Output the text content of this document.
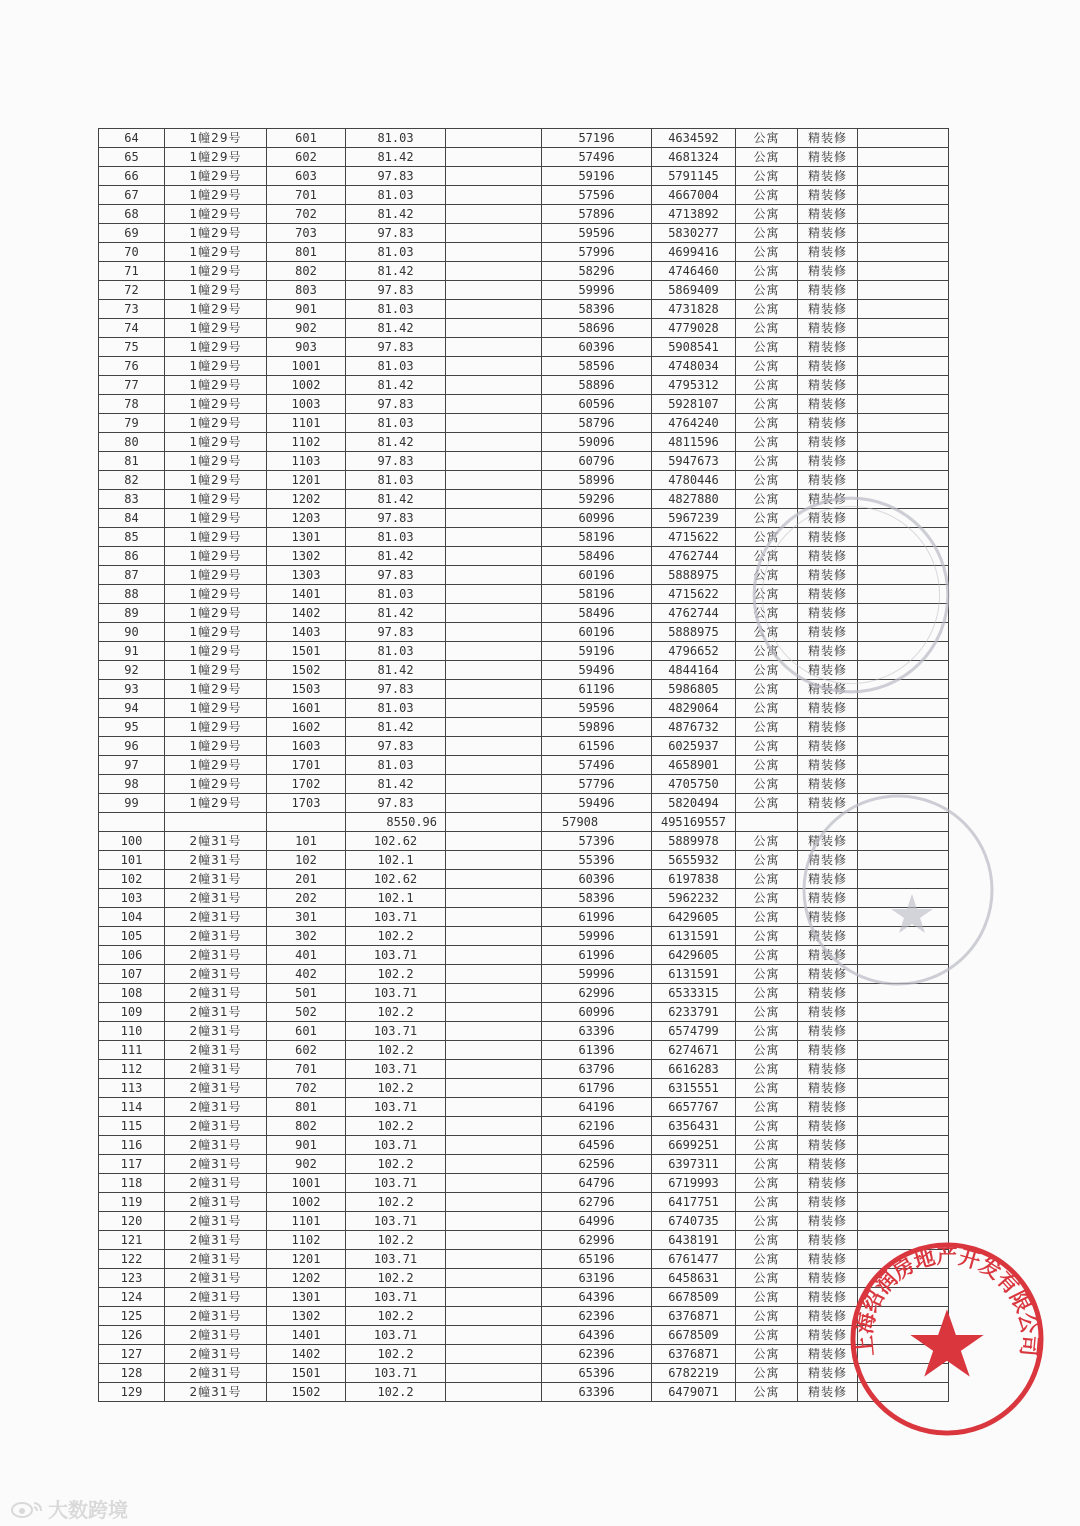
64	1幢29号	601	81.03		57196	4634592	公寓	精装修	
65	1幢29号	602	81.42		57496	4681324	公寓	精装修	
66	1幢29号	603	97.83		59196	5791145	公寓	精装修	
67	1幢29号	701	81.03		57596	4667004	公寓	精装修	
68	1幢29号	702	81.42		57896	4713892	公寓	精装修	
69	1幢29号	703	97.83		59596	5830277	公寓	精装修	
70	1幢29号	801	81.03		57996	4699416	公寓	精装修	
71	1幢29号	802	81.42		58296	4746460	公寓	精装修	
72	1幢29号	803	97.83		59996	5869409	公寓	精装修	
73	1幢29号	901	81.03		58396	4731828	公寓	精装修	
74	1幢29号	902	81.42		58696	4779028	公寓	精装修	
75	1幢29号	903	97.83		60396	5908541	公寓	精装修	
76	1幢29号	1001	81.03		58596	4748034	公寓	精装修	
77	1幢29号	1002	81.42		58896	4795312	公寓	精装修	
78	1幢29号	1003	97.83		60596	5928107	公寓	精装修	
79	1幢29号	1101	81.03		58796	4764240	公寓	精装修	
80	1幢29号	1102	81.42		59096	4811596	公寓	精装修	
81	1幢29号	1103	97.83		60796	5947673	公寓	精装修	
82	1幢29号	1201	81.03		58996	4780446	公寓	精装修	
83	1幢29号	1202	81.42		59296	4827880	公寓	精装修	
84	1幢29号	1203	97.83		60996	5967239	公寓	精装修	
85	1幢29号	1301	81.03		58196	4715622	公寓	精装修	
86	1幢29号	1302	81.42		58496	4762744	公寓	精装修	
87	1幢29号	1303	97.83		60196	5888975	公寓	精装修	
88	1幢29号	1401	81.03		58196	4715622	公寓	精装修	
89	1幢29号	1402	81.42		58496	4762744	公寓	精装修	
90	1幢29号	1403	97.83		60196	5888975	公寓	精装修	
91	1幢29号	1501	81.03		59196	4796652	公寓	精装修	
92	1幢29号	1502	81.42		59496	4844164	公寓	精装修	
93	1幢29号	1503	97.83		61196	5986805	公寓	精装修	
94	1幢29号	1601	81.03		59596	4829064	公寓	精装修	
95	1幢29号	1602	81.42		59896	4876732	公寓	精装修	
96	1幢29号	1603	97.83		61596	6025937	公寓	精装修	
97	1幢29号	1701	81.03		57496	4658901	公寓	精装修	
98	1幢29号	1702	81.42		57796	4705750	公寓	精装修	
99	1幢29号	1703	97.83		59496	5820494	公寓	精装修	
			8550.96		57908	495169557			
100	2幢31号	101	102.62		57396	5889978	公寓	精装修	
101	2幢31号	102	102.1		55396	5655932	公寓	精装修	
102	2幢31号	201	102.62		60396	6197838	公寓	精装修	
103	2幢31号	202	102.1		58396	5962232	公寓	精装修	
104	2幢31号	301	103.71		61996	6429605	公寓	精装修	
105	2幢31号	302	102.2		59996	6131591	公寓	精装修	
106	2幢31号	401	103.71		61996	6429605	公寓	精装修	
107	2幢31号	402	102.2		59996	6131591	公寓	精装修	
108	2幢31号	501	103.71		62996	6533315	公寓	精装修	
109	2幢31号	502	102.2		60996	6233791	公寓	精装修	
110	2幢31号	601	103.71		63396	6574799	公寓	精装修	
111	2幢31号	602	102.2		61396	6274671	公寓	精装修	
112	2幢31号	701	103.71		63796	6616283	公寓	精装修	
113	2幢31号	702	102.2		61796	6315551	公寓	精装修	
114	2幢31号	801	103.71		64196	6657767	公寓	精装修	
115	2幢31号	802	102.2		62196	6356431	公寓	精装修	
116	2幢31号	901	103.71		64596	6699251	公寓	精装修	
117	2幢31号	902	102.2		62596	6397311	公寓	精装修	
118	2幢31号	1001	103.71		64796	6719993	公寓	精装修	
119	2幢31号	1002	102.2		62796	6417751	公寓	精装修	
120	2幢31号	1101	103.71		64996	6740735	公寓	精装修	
121	2幢31号	1102	102.2		62996	6438191	公寓	精装修	
122	2幢31号	1201	103.71		65196	6761477	公寓	精装修	
123	2幢31号	1202	102.2		63196	6458631	公寓	精装修	
124	2幢31号	1301	103.71		64396	6678509	公寓	精装修	
125	2幢31号	1302	102.2		62396	6376871	公寓	精装修	
126	2幢31号	1401	103.71		64396	6678509	公寓	精装修	
127	2幢31号	1402	102.2		62396	6376871	公寓	精装修	
128	2幢31号	1501	103.71		65396	6782219	公寓	精装修	
129	2幢31号	1502	102.2		63396	6479071	公寓	精装修	
上海绍润房地产开发有限公司
大数跨境
